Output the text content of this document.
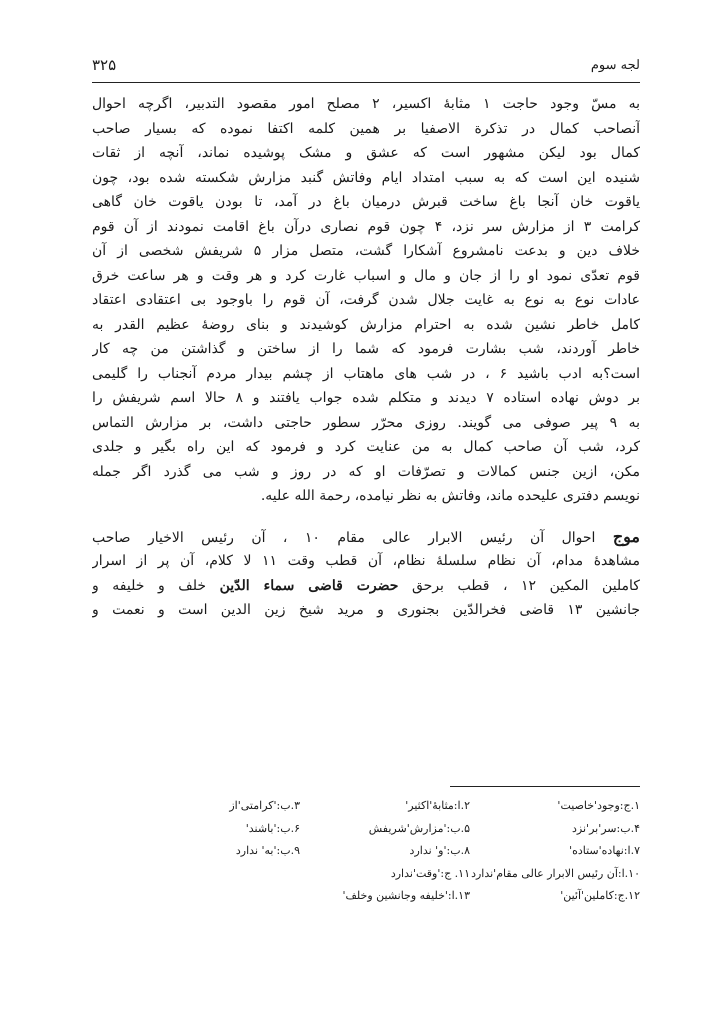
۳۲۵	لجه سوم
به مسّ وجود حاجت ۱ مثابهٔ اکسیر، ۲ مصلح امور مقصود التدبیر، اگرچه احوال
آنصاحب کمال در تذکرة الاصفیا بر همین کلمه اکتفا نموده که بسیار صاحب
کمال بود لیکن مشهور است که عشق و مشک پوشیده نماند، آنچه از ثقات
شنیده این است که به سبب امتداد ایام وفاتش گنبد مزارش شکسته شده بود، چون
یاقوت خان آنجا باغ ساخت قبرش درمیان باغ در آمد، تا بودن یاقوت خان گاهی
کرامت ۳ از مزارش سر نزد، ۴ چون قوم نصاری درآن باغ اقامت نمودند از آن قوم
خلاف دین و بدعت نامشروع آشکارا گشت، متصل مزار ۵ شریفش شخصی از آن
قوم تعدّی نمود او را از جان و مال و اسباب غارت کرد و هر وقت و هر ساعت خرق
عادات نوع به نوع به غایت جلال شدن گرفت، آن قوم را باوجود بی اعتقادی اعتقاد
کامل خاطر نشین شده به احترام مزارش کوشیدند و بنای روضهٔ عظیم القدر به
خاطر آوردند، شب بشارت فرمود که شما را از ساختن و گذاشتن من چه کار
است؟به ادب باشید ۶ ، در شب های ماهتاب از چشم بیدار مردم آنجناب را گلیمی
بر دوش نهاده استاده ۷ دیدند و متکلم شده جواب یافتند و ۸ حالا اسم شریفش را
به ۹ پیر صوفی می گویند. روزی محرّر سطور حاجتی داشت، بر مزارش التماس
کرد، شب آن صاحب کمال به من عنایت کرد و فرمود که این راه بگیر و جلدی
مکن، ازین جنس کمالات و تصرّفات او که در روز و شب می گذرد اگر جمله
نویسم دفتری علیحده ماند، وفاتش به نظر نیامده، رحمة الله علیه.
موج احوال آن رئیس الابرار عالی مقام ۱۰ ، آن رئیس الاخیار صاحب
مشاهدهٔ مدام، آن نظام سلسلهٔ نظام، آن قطب وقت ۱۱ لا کلام، آن پر از اسرار
کاملین المکین ۱۲ ، قطب برحق حضرت قاضی سماء الدّین خلف و خلیفه و
جانشین ۱۳ قاضی فخرالدّین بجنوری و مرید شیخ زین الدین است و نعمت و
۱.ج:وجود'خاصیت'
۲.ا:مثابهٔ'اکثیر'
۳.ب:'کرامتی'از
۴.ب:سر'بر'نزد
۵.ب:'مزارش'شریفش
۶.ب:'باشند'
۷.ا:نهاده'ستاده'
۸.ب:'و' ندارد
۹.ب:'به' ندارد
۱۰.ا:آن رئیس الابرار عالی مقام'ندارد
۱۱. ج:'وقت'ندارد
۱۲.ج:کاملین'آئین'
۱۳.ا:'خلیفه وجانشین وخلف'
